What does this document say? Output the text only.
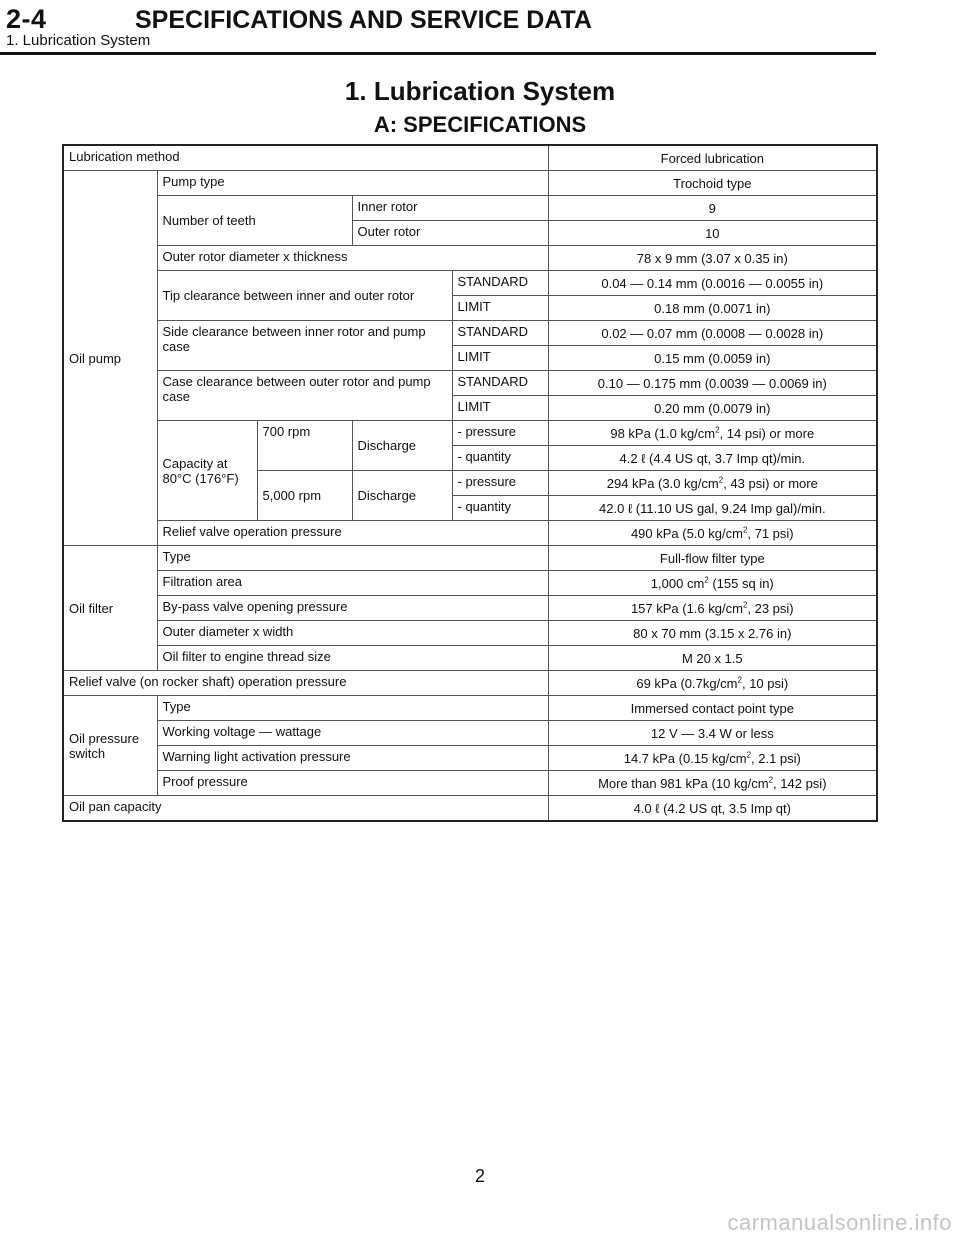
2-4	SPECIFICATIONS AND SERVICE DATA
1. Lubrication System
1. Lubrication System
A: SPECIFICATIONS
Lubrication method					Forced lubrication
Oil pump	Pump type				Trochoid type
	Number of teeth		Inner rotor		9
			Outer rotor		10
	Outer rotor diameter x thickness				78 x 9 mm (3.07 x 0.35 in)
	Tip clearance between inner and outer rotor			STANDARD	0.04 — 0.14 mm (0.0016 — 0.0055 in)
				LIMIT	0.18 mm (0.0071 in)
	Side clearance between inner rotor and pump case			STANDARD	0.02 — 0.07 mm (0.0008 — 0.0028 in)
				LIMIT	0.15 mm (0.0059 in)
	Case clearance between outer rotor and pump case			STANDARD	0.10 — 0.175 mm (0.0039 — 0.0069 in)
				LIMIT	0.20 mm (0.0079 in)
	Capacity at 80°C (176°F)	700 rpm	Discharge	- pressure	98 kPa (1.0 $kg/cm^2$, 14 psi) or more
				- quantity	4.2 ℓ (4.4 US qt, 3.7 Imp qt)/min.
		5,000 rpm	Discharge	- pressure	294 kPa (3.0 $kg/cm^2$, 43 psi) or more
				- quantity	42.0 ℓ (11.10 US gal, 9.24 Imp gal)/min.
	Relief valve operation pressure				490 kPa (5.0 $kg/cm^2$, 71 psi)
Oil filter	Type				Full-flow filter type
	Filtration area				1,000 $cm^2$ (155 sq in)
	By-pass valve opening pressure				157 kPa (1.6 $kg/cm^2$, 23 psi)
	Outer diameter x width				80 x 70 mm (3.15 x 2.76 in)
	Oil filter to engine thread size				M 20 x 1.5
Relief valve (on rocker shaft) operation pressure					69 kPa ($0.7kg/cm^2$, 10 psi)
Oil pressure switch	Type				Immersed contact point type
	Working voltage — wattage				12 V — 3.4 W or less
	Warning light activation pressure				14.7 kPa (0.15 $kg/cm^2$, 2.1 psi)
	Proof pressure				More than 981 kPa (10 $kg/cm^2$, 142 psi)
Oil pan capacity					4.0 ℓ (4.2 US qt, 3.5 Imp qt)
2
carmanualsonline.info
